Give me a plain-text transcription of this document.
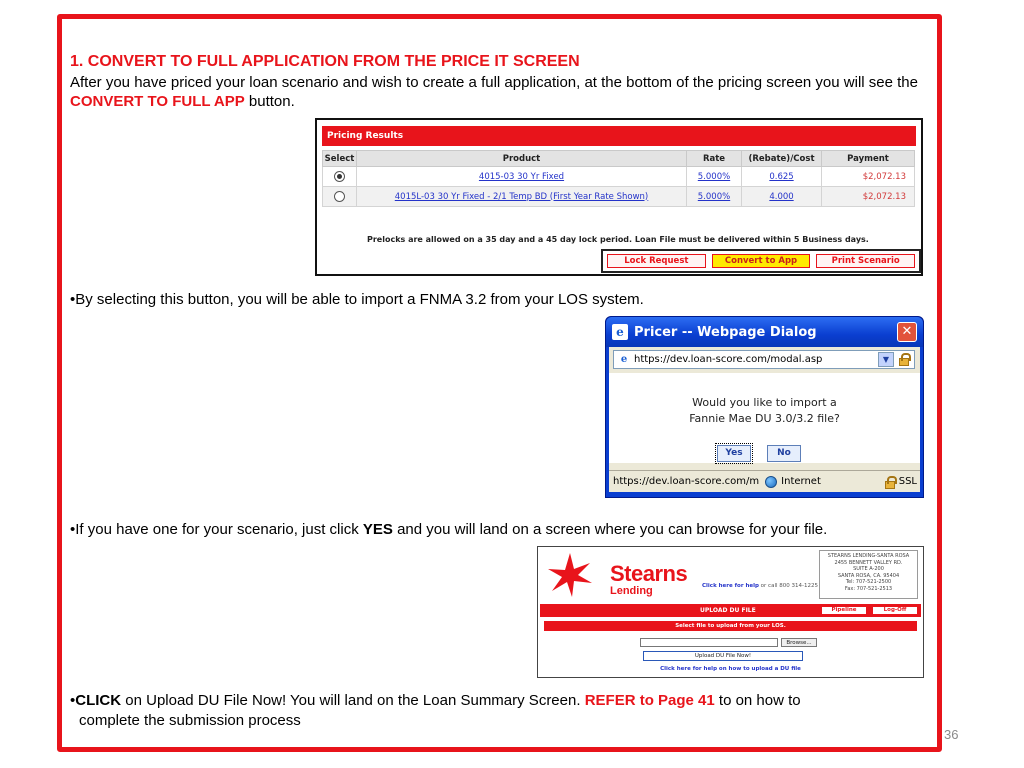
1. CONVERT TO FULL APPLICATION FROM THE PRICE IT SCREEN
After you have priced your loan scenario and wish to create a full application, at the bottom of the pricing screen you will see the CONVERT TO FULL APP button.
Pricing Results
Select	Product	Rate	(Rebate)/Cost	Payment
	4015-03 30 Yr Fixed	5.000%	0.625	$2,072.13
	4015L-03 30 Yr Fixed - 2/1 Temp BD (First Year Rate Shown)	5.000%	4.000	$2,072.13
Prelocks are allowed on a 35 day and a 45 day lock period. Loan File must be delivered within 5 Business days.
Lock Request	Convert to App	Print Scenario
•By selecting this button, you will be able to import a FNMA 3.2 from your LOS system.
e Pricer -- Webpage Dialog	✕
e https://dev.loan-score.com/modal.asp	▼
Would you like to import a
Fannie Mae DU 3.0/3.2 file?
Yes	No
https://dev.loan-score.com/m Internet	SSL
•If you have one for your scenario, just click YES and you will land on a screen where you can browse for your file.
Stearns
Lending	Click here for help or call 800 314-1225
STEARNS LENDING-SANTA ROSA
2455 BENNETT VALLEY RD.
SUITE A-200
SANTA ROSA, CA. 95404
Tel: 707-521-2500
Fax: 707-521-2513
UPLOAD DU FILE	Pipeline	Log-Off
Select file to upload from your LOS.
Browse...
Upload DU File Now!
Click here for help on how to upload a DU file
•CLICK on Upload DU File Now! You will land on the Loan Summary Screen. REFER to Page 41 to on how to
complete the submission process
36
